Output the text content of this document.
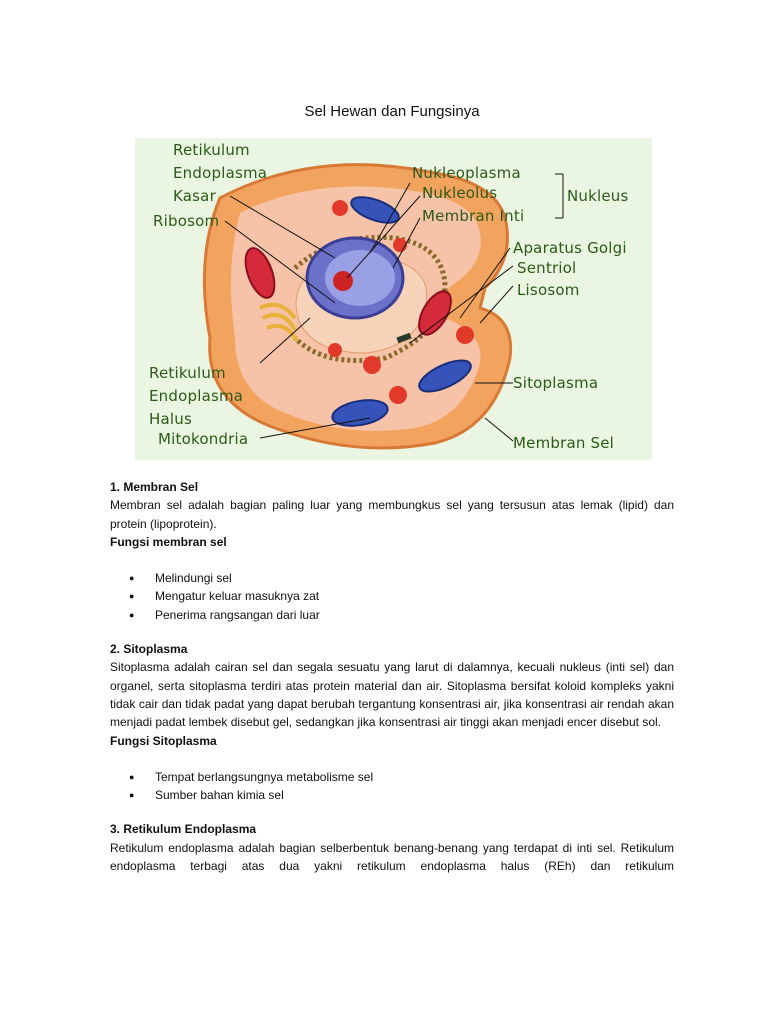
Sel Hewan dan Fungsinya
Retikulum
Endoplasma
Kasar
Ribosom
Nukleoplasma
Nukleolus
Membran Inti
Nukleus
Aparatus Golgi
Sentriol
Lisosom
Retikulum
Endoplasma
Halus
Mitokondria
Sitoplasma
Membran Sel
1. Membran Sel

Membran sel adalah bagian paling luar yang membungkus sel yang tersusun atas lemak (lipid) dan protein (lipoprotein).

Fungsi membran sel
● Melindungi sel
● Mengatur keluar masuknya zat
● Penerima rangsangan dari luar
2. Sitoplasma

Sitoplasma adalah cairan sel dan segala sesuatu yang larut di dalamnya, kecuali nukleus (inti sel) dan organel, serta sitoplasma terdiri atas protein material dan air. Sitoplasma bersifat koloid kompleks yakni tidak cair dan tidak padat yang dapat berubah tergantung konsentrasi air, jika konsentrasi air rendah akan menjadi padat lembek disebut gel, sedangkan jika konsentrasi air tinggi akan menjadi encer disebut sol.

Fungsi Sitoplasma
● Tempat berlangsungnya metabolisme sel
● Sumber bahan kimia sel
3. Retikulum Endoplasma

Retikulum endoplasma adalah bagian selberbentuk benang-benang yang terdapat di inti sel. Retikulum endoplasma terbagi atas dua yakni retikulum endoplasma halus (REh) dan retikulum
